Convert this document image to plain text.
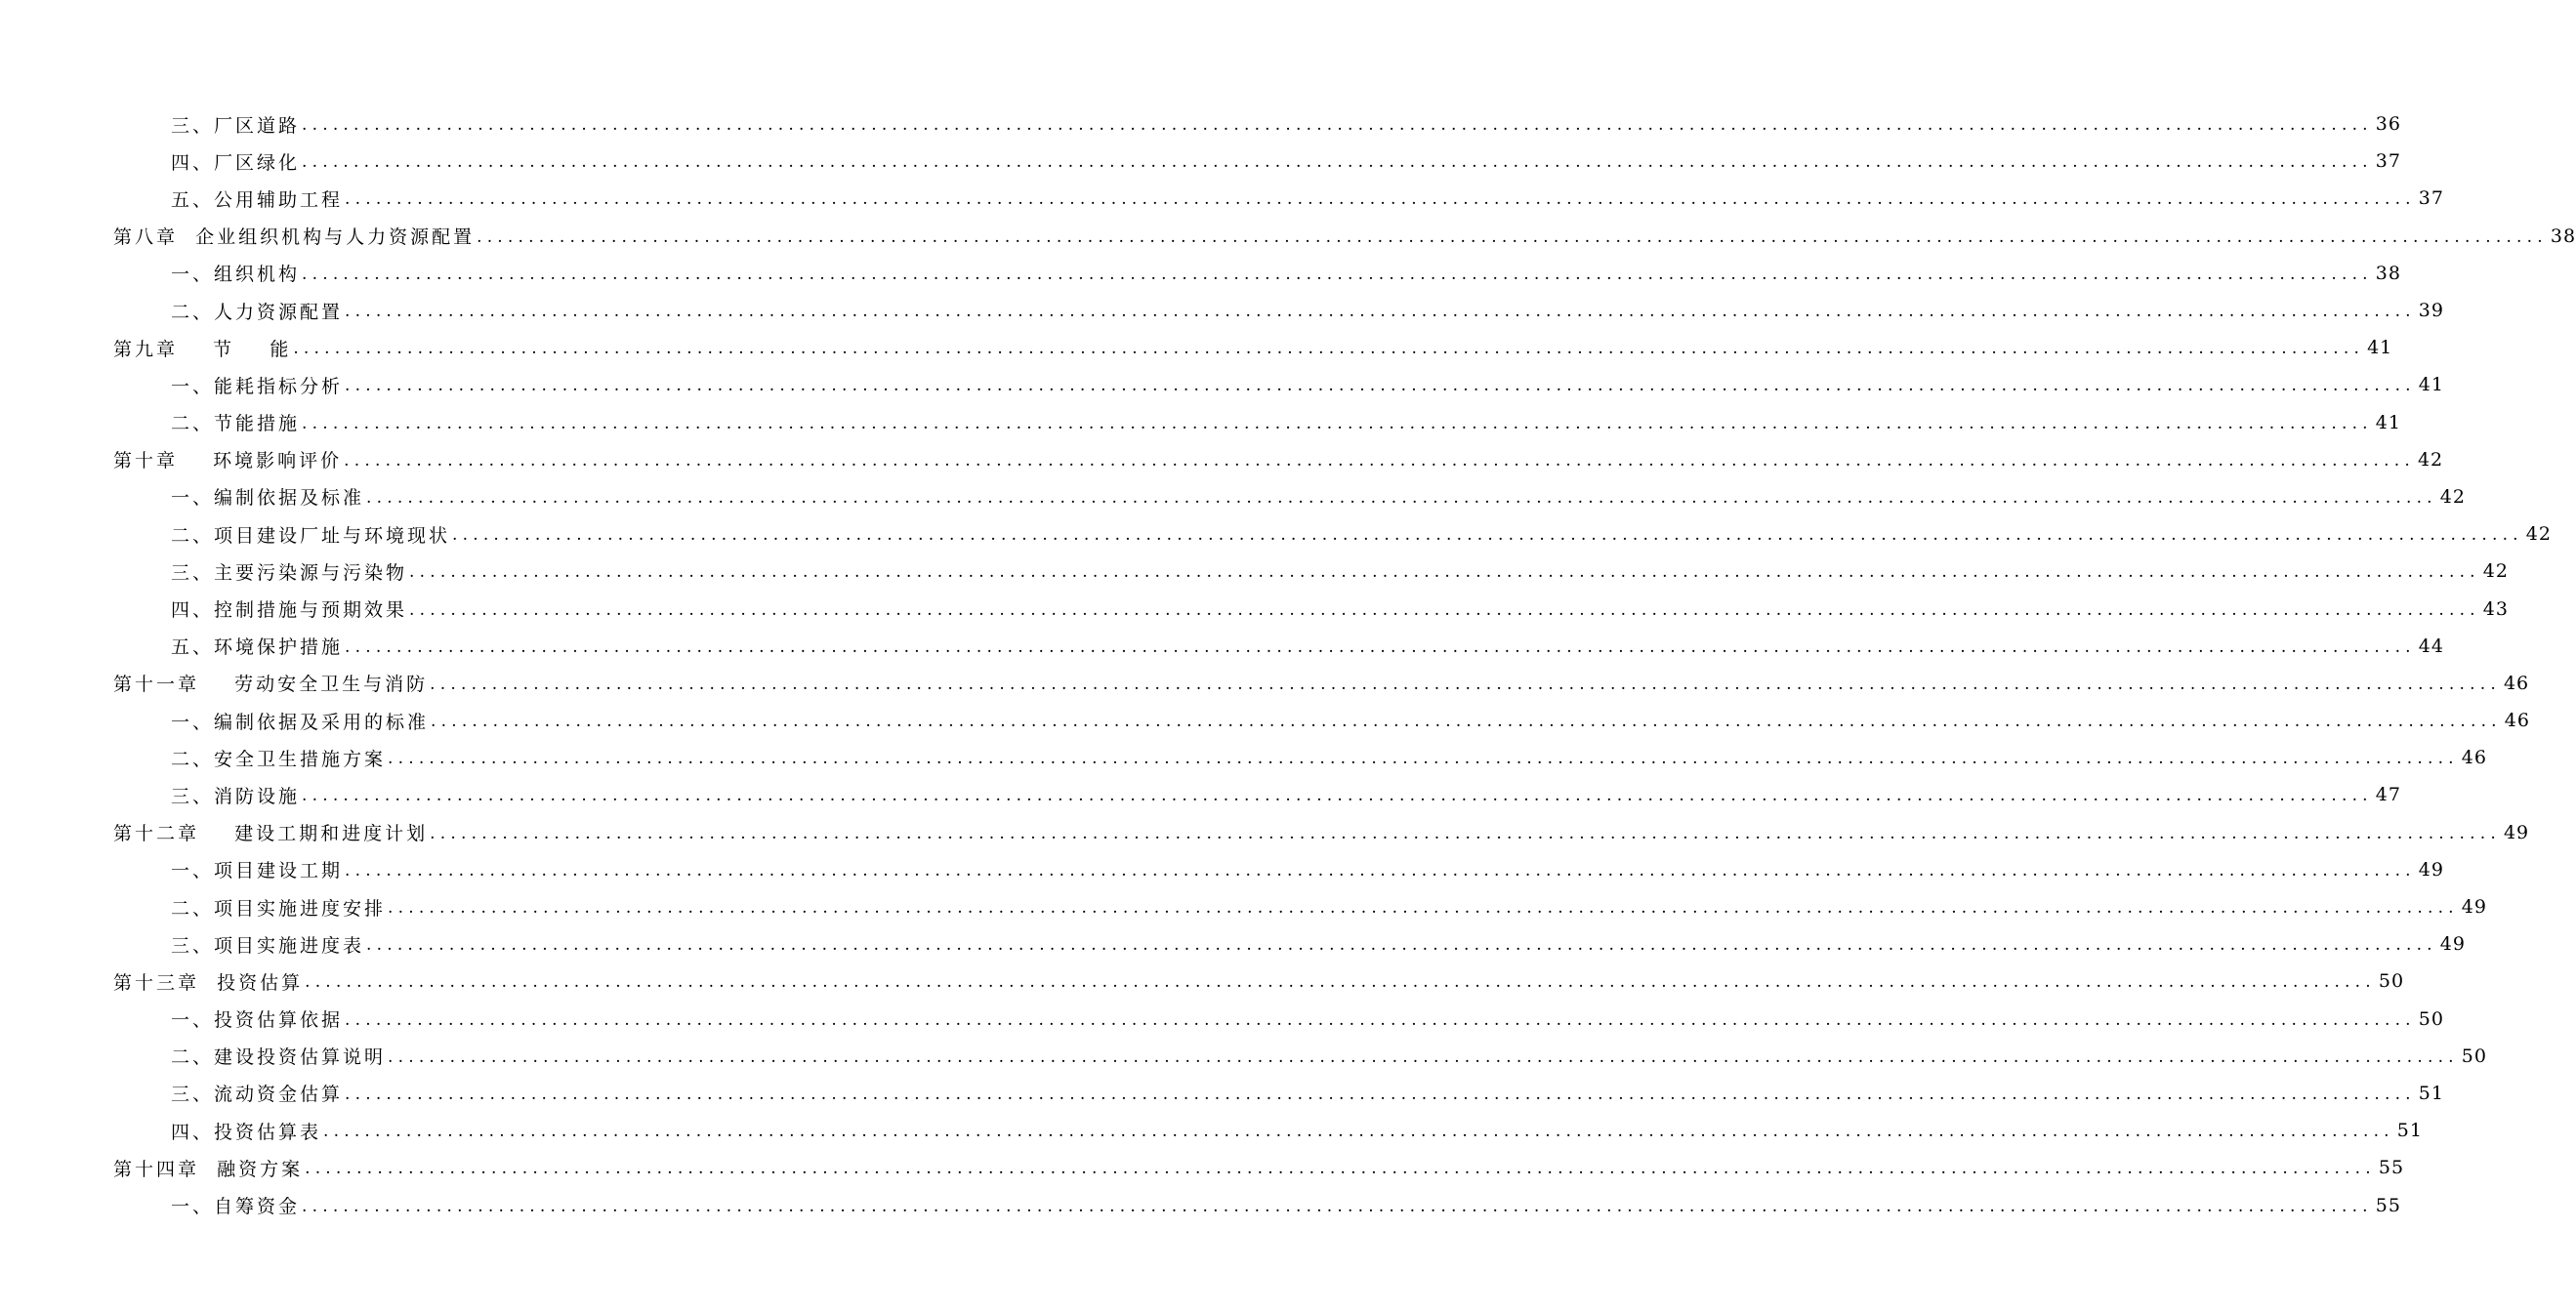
三、厂区道路 ........................................................................................................................................................................................................ 36
四、厂区绿化 ........................................................................................................................................................................................................ 37
五、公用辅助工程 ........................................................................................................................................................................................................ 37
第八章  企业组织机构与人力资源配置 ........................................................................................................................................................................................................ 38
一、组织机构 ........................................................................................................................................................................................................ 38
二、人力资源配置 ........................................................................................................................................................................................................ 39
第九章    节    能 ........................................................................................................................................................................................................ 41
一、能耗指标分析 ........................................................................................................................................................................................................ 41
二、节能措施 ........................................................................................................................................................................................................ 41
第十章    环境影响评价 ........................................................................................................................................................................................................ 42
一、编制依据及标准 ........................................................................................................................................................................................................ 42
二、项目建设厂址与环境现状 ........................................................................................................................................................................................................ 42
三、主要污染源与污染物 ........................................................................................................................................................................................................ 42
四、控制措施与预期效果 ........................................................................................................................................................................................................ 43
五、环境保护措施 ........................................................................................................................................................................................................ 44
第十一章    劳动安全卫生与消防 ........................................................................................................................................................................................................ 46
一、编制依据及采用的标准 ........................................................................................................................................................................................................ 46
二、安全卫生措施方案 ........................................................................................................................................................................................................ 46
三、消防设施 ........................................................................................................................................................................................................ 47
第十二章    建设工期和进度计划 ........................................................................................................................................................................................................ 49
一、项目建设工期 ........................................................................................................................................................................................................ 49
二、项目实施进度安排 ........................................................................................................................................................................................................ 49
三、项目实施进度表 ........................................................................................................................................................................................................ 49
第十三章  投资估算 ........................................................................................................................................................................................................ 50
一、投资估算依据 ........................................................................................................................................................................................................ 50
二、建设投资估算说明 ........................................................................................................................................................................................................ 50
三、流动资金估算 ........................................................................................................................................................................................................ 51
四、投资估算表 ........................................................................................................................................................................................................ 51
第十四章  融资方案 ........................................................................................................................................................................................................ 55
一、自筹资金 ........................................................................................................................................................................................................ 55
